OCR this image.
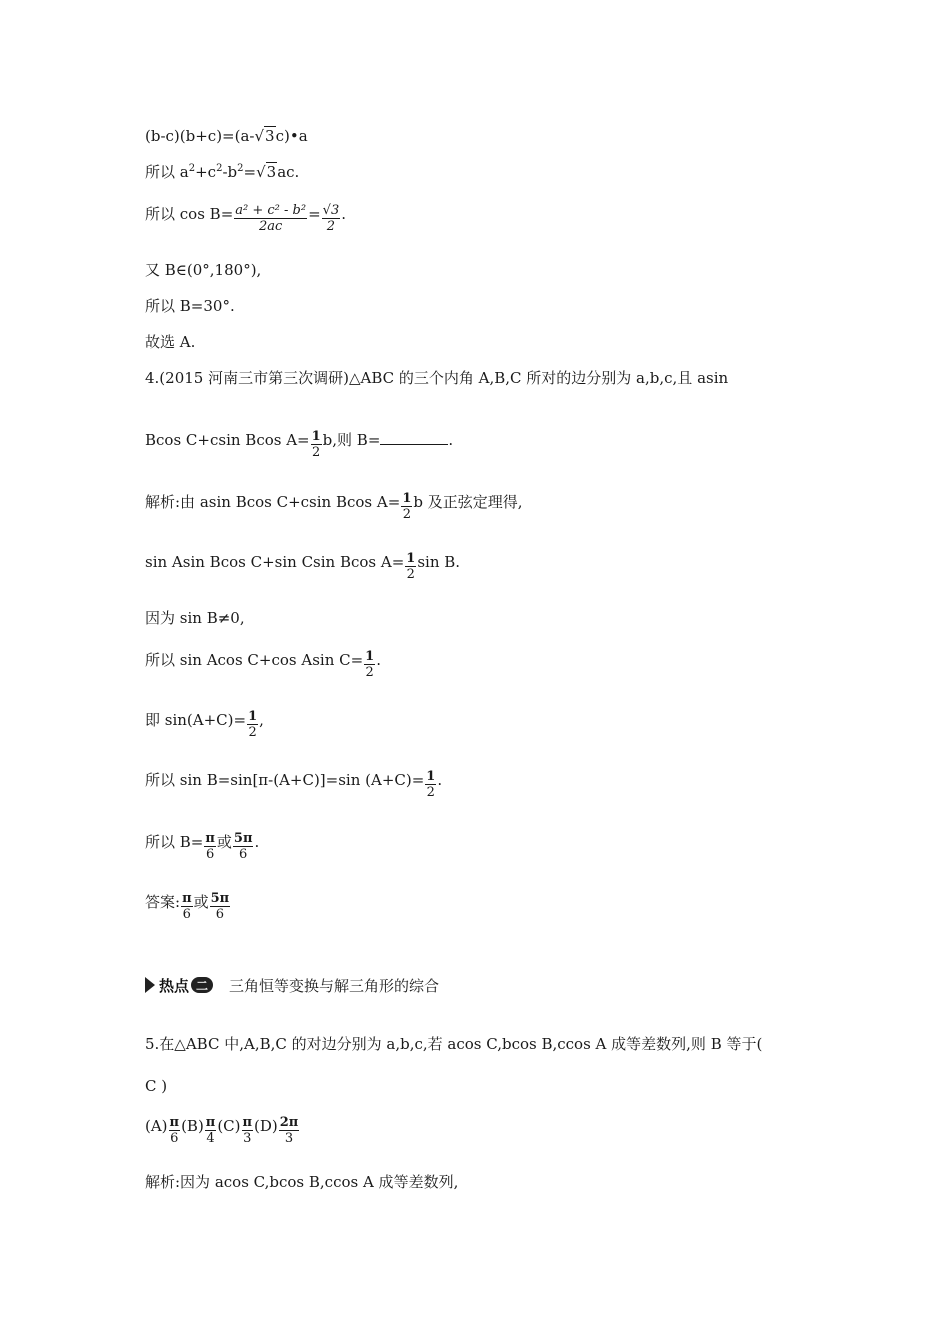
(b-c)(b+c)=(a-√3c)•a
所以 $a^2+c^2-b^2=√3ac$.
所以 $\cos B= \frac{\text{a² + c² - b²}}{2ac} = \frac{√3}{2}$ .
又 B∈(0°,180°),
所以 B=30°.
故选 A.
4.(2015 河南三市第三次调研)△ABC 的三个内角 A,B,C 所对的边分别为 a,b,c,且 asin
Bcos C+csin Bcos $A= \frac{1}{2} b$,则 B=	.
解析:由 asin Bcos C+csin Bcos $A= \frac{1}{2}$ b 及正弦定理得,
sin Asin Bcos C+sin Csin Bcos $A= \frac{1}{2}$ sin B.
因为 sin B≠0,
所以 sin Acos C+cos Asin $C= \frac{1}{2}$ .
即 $\sin(A+C)= \frac{1}{2}$ ,
所以 sin B=sin[π-(A+C)]=sin $(A+C)= \frac{1}{2}$ .
所以 $B= \frac{\pi}{6}$ 或 $\frac{5\pi}{6}$ .
答案: $\frac{\pi}{6}$ 或 $\frac{5\pi}{6}$
热点 二	三角恒等变换与解三角形的综合
5.在△ABC 中,A,B,C 的对边分别为 a,b,c,若 acos C,bcos B,ccos A 成等差数列,则 B 等于(
C )
$(A) \frac{\pi}{6} (B) \frac{\pi}{4} (C) \frac{\pi}{3} (D) \frac{2\pi}{3}$
解析:因为 acos C,bcos B,ccos A 成等差数列,
